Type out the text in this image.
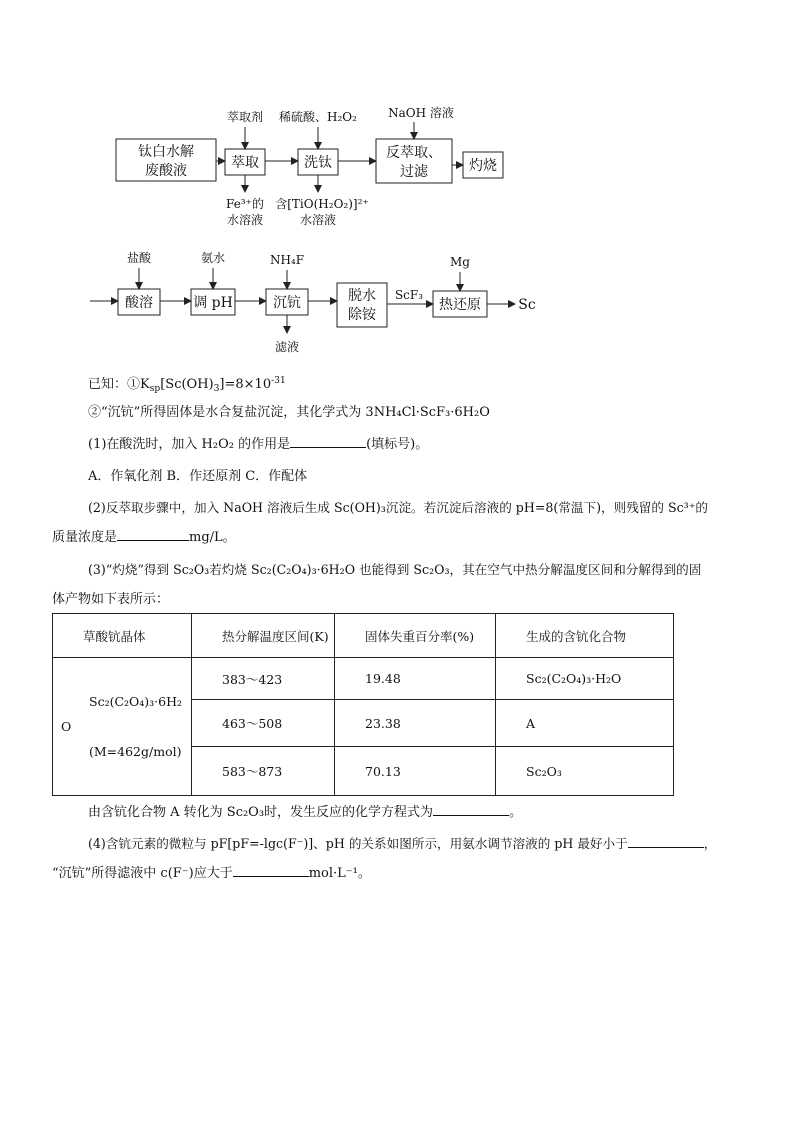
钛白水解
废酸液	萃取	洗钛
反萃取、
过滤	灼烧
萃取剂 稀硫酸、H₂O₂	NaOH 溶液
Fe³⁺的
水溶液
含[TiO(H₂O₂)]²⁺
水溶液
酸溶	调 pH	沉钪	脱水
除铵
热还原
ScF₃
Sc
盐酸	氨水	NH₄F	Mg
滤液
已知：$①K_{sp}[Sc(OH)_3]=8\times 10^{-31}$
②“沉钪”所得固体是水合复盐沉淀，其化学式为 3NH₄Cl·ScF₃·6H₂O
(1)在酸洗时，加入 H₂O₂ 的作用是	(填标号)。
A．作氧化剂 B．作还原剂 C．作配体
(2)反萃取步骤中，加入 NaOH 溶液后生成 Sc(OH)₃沉淀。若沉淀后溶液的 pH=8(常温下)，则残留的 Sc³⁺的
质量浓度是	mg/L。
(3)“灼烧”得到 Sc₂O₃若灼烧 Sc₂(C₂O₄)₃·6H₂O 也能得到 Sc₂O₃，其在空气中热分解温度区间和分解得到的固
体产物如下表所示：
草酸钪晶体	热分解温度区间(K)	固体失重百分率(%)	生成的含钪化合物

Sc₂(C₂O₄)₃·6H₂
O
(M=462g/mol)	383～423	19.48	Sc₂(C₂O₄)₃·H₂O
	463～508	23.38	A
	583～873	70.13	Sc₂O₃
由含钪化合物 A 转化为 Sc₂O₃时，发生反应的化学方程式为	。
(4)含钪元素的微粒与 pF[pF=-lgc(F⁻)]、pH 的关系如图所示，用氨水调节溶液的 pH 最好小于	，
“沉钪”所得滤液中 c(F⁻)应大于	mol·L⁻¹。
